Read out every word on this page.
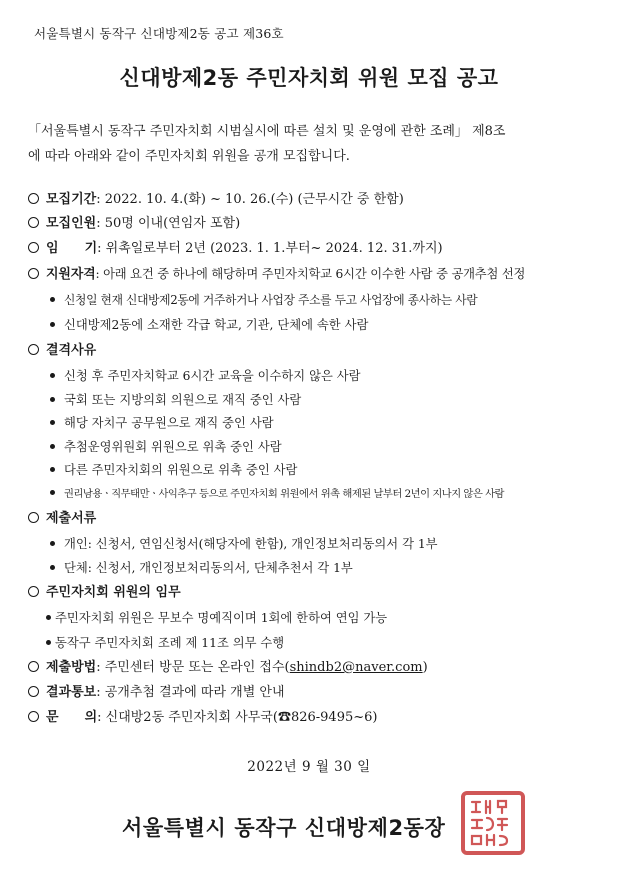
서울특별시 동작구 신대방제2동 공고 제36호
신대방제2동 주민자치회 위원 모집 공고

「서울특별시 동작구 주민자치회 시범실시에 따른 설치 및 운영에 관한 조례」 제8조

에 따라 아래와 같이 주민자치회 위원을 공개 모집합니다.

모집기간: 2022. 10. 4.(화) ~ 10. 26.(수) (근무시간 중 한함)
모집인원: 50명 이내(연임자 포함)
임 기: 위촉일로부터 2년 (2023. 1. 1.부터~ 2024. 12. 31.까지)
지원자격: 아래 요건 중 하나에 해당하며 주민자치학교 6시간 이수한 사람 중 공개추첨 선정
신청일 현재 신대방제2동에 거주하거나 사업장 주소를 두고 사업장에 종사하는 사람
신대방제2동에 소재한 각급 학교, 기관, 단체에 속한 사람
결격사유
신청 후 주민자치학교 6시간 교육을 이수하지 않은 사람
국회 또는 지방의회 의원으로 재직 중인 사람
해당 자치구 공무원으로 재직 중인 사람
추첨운영위원회 위원으로 위촉 중인 사람
다른 주민자치회의 위원으로 위촉 중인 사람
권리남용ㆍ직무태만ㆍ사익추구 등으로 주민자치회 위원에서 위촉 해제된 날부터 2년이 지나지 않은 사람
제출서류
개인: 신청서, 연임신청서(해당자에 한함), 개인정보처리동의서 각 1부
단체: 신청서, 개인정보처리동의서, 단체추천서 각 1부
주민자치회 위원의 임무
주민자치회 위원은 무보수 명예직이며 1회에 한하여 연임 가능
동작구 주민자치회 조례 제 11조 의무 수행
제출방법: 주민센터 방문 또는 온라인 접수(shindb2@naver.com)
결과통보: 공개추첨 결과에 따라 개별 안내
문 의: 신대방2동 주민자치회 사무국(☎826-9495~6)
2022년 9 월 30 일
서울특별시 동작구 신대방제2동장
